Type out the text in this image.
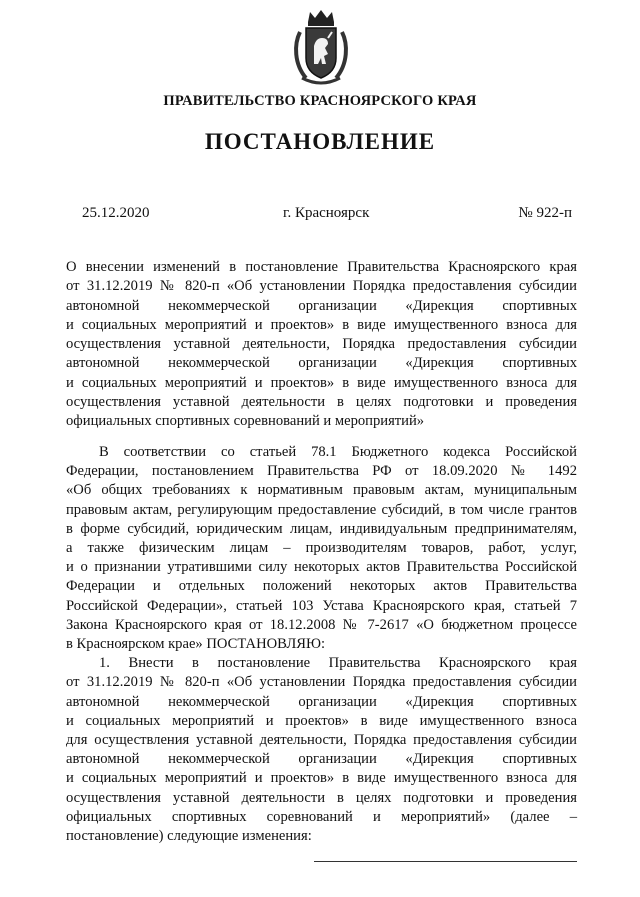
ПРАВИТЕЛЬСТВО КРАСНОЯРСКОГО КРАЯ
ПОСТАНОВЛЕНИЕ
25.12.2020	г. Красноярск	№ 922-п

О внесении изменений в постановление Правительства Красноярского края
от 31.12.2019 № 820-п «Об установлении Порядка предоставления субсидии
автономной некоммерческой организации «Дирекция спортивных
и социальных мероприятий и проектов» в виде имущественного взноса для
осуществления уставной деятельности, Порядка предоставления субсидии
автономной некоммерческой организации «Дирекция спортивных
и социальных мероприятий и проектов» в виде имущественного взноса для
осуществления уставной деятельности в целях подготовки и проведения
официальных спортивных соревнований и мероприятий»

В соответствии со статьей 78.1 Бюджетного кодекса Российской
Федерации, постановлением Правительства РФ от 18.09.2020 № 1492
«Об общих требованиях к нормативным правовым актам, муниципальным
правовым актам, регулирующим предоставление субсидий, в том числе грантов
в форме субсидий, юридическим лицам, индивидуальным предпринимателям,
а также физическим лицам – производителям товаров, работ, услуг,
и о признании утратившими силу некоторых актов Правительства Российской
Федерации и отдельных положений некоторых актов Правительства
Российской Федерации», статьей 103 Устава Красноярского края, статьей 7
Закона Красноярского края от 18.12.2008 № 7-2617 «О бюджетном процессе
в Красноярском крае» ПОСТАНОВЛЯЮ:

1. Внести в постановление Правительства Красноярского края
от 31.12.2019 № 820-п «Об установлении Порядка предоставления субсидии
автономной некоммерческой организации «Дирекция спортивных
и социальных мероприятий и проектов» в виде имущественного взноса
для осуществления уставной деятельности, Порядка предоставления субсидии
автономной некоммерческой организации «Дирекция спортивных
и социальных мероприятий и проектов» в виде имущественного взноса для
осуществления уставной деятельности в целях подготовки и проведения
официальных спортивных соревнований и мероприятий» (далее –
постановление) следующие изменения:
